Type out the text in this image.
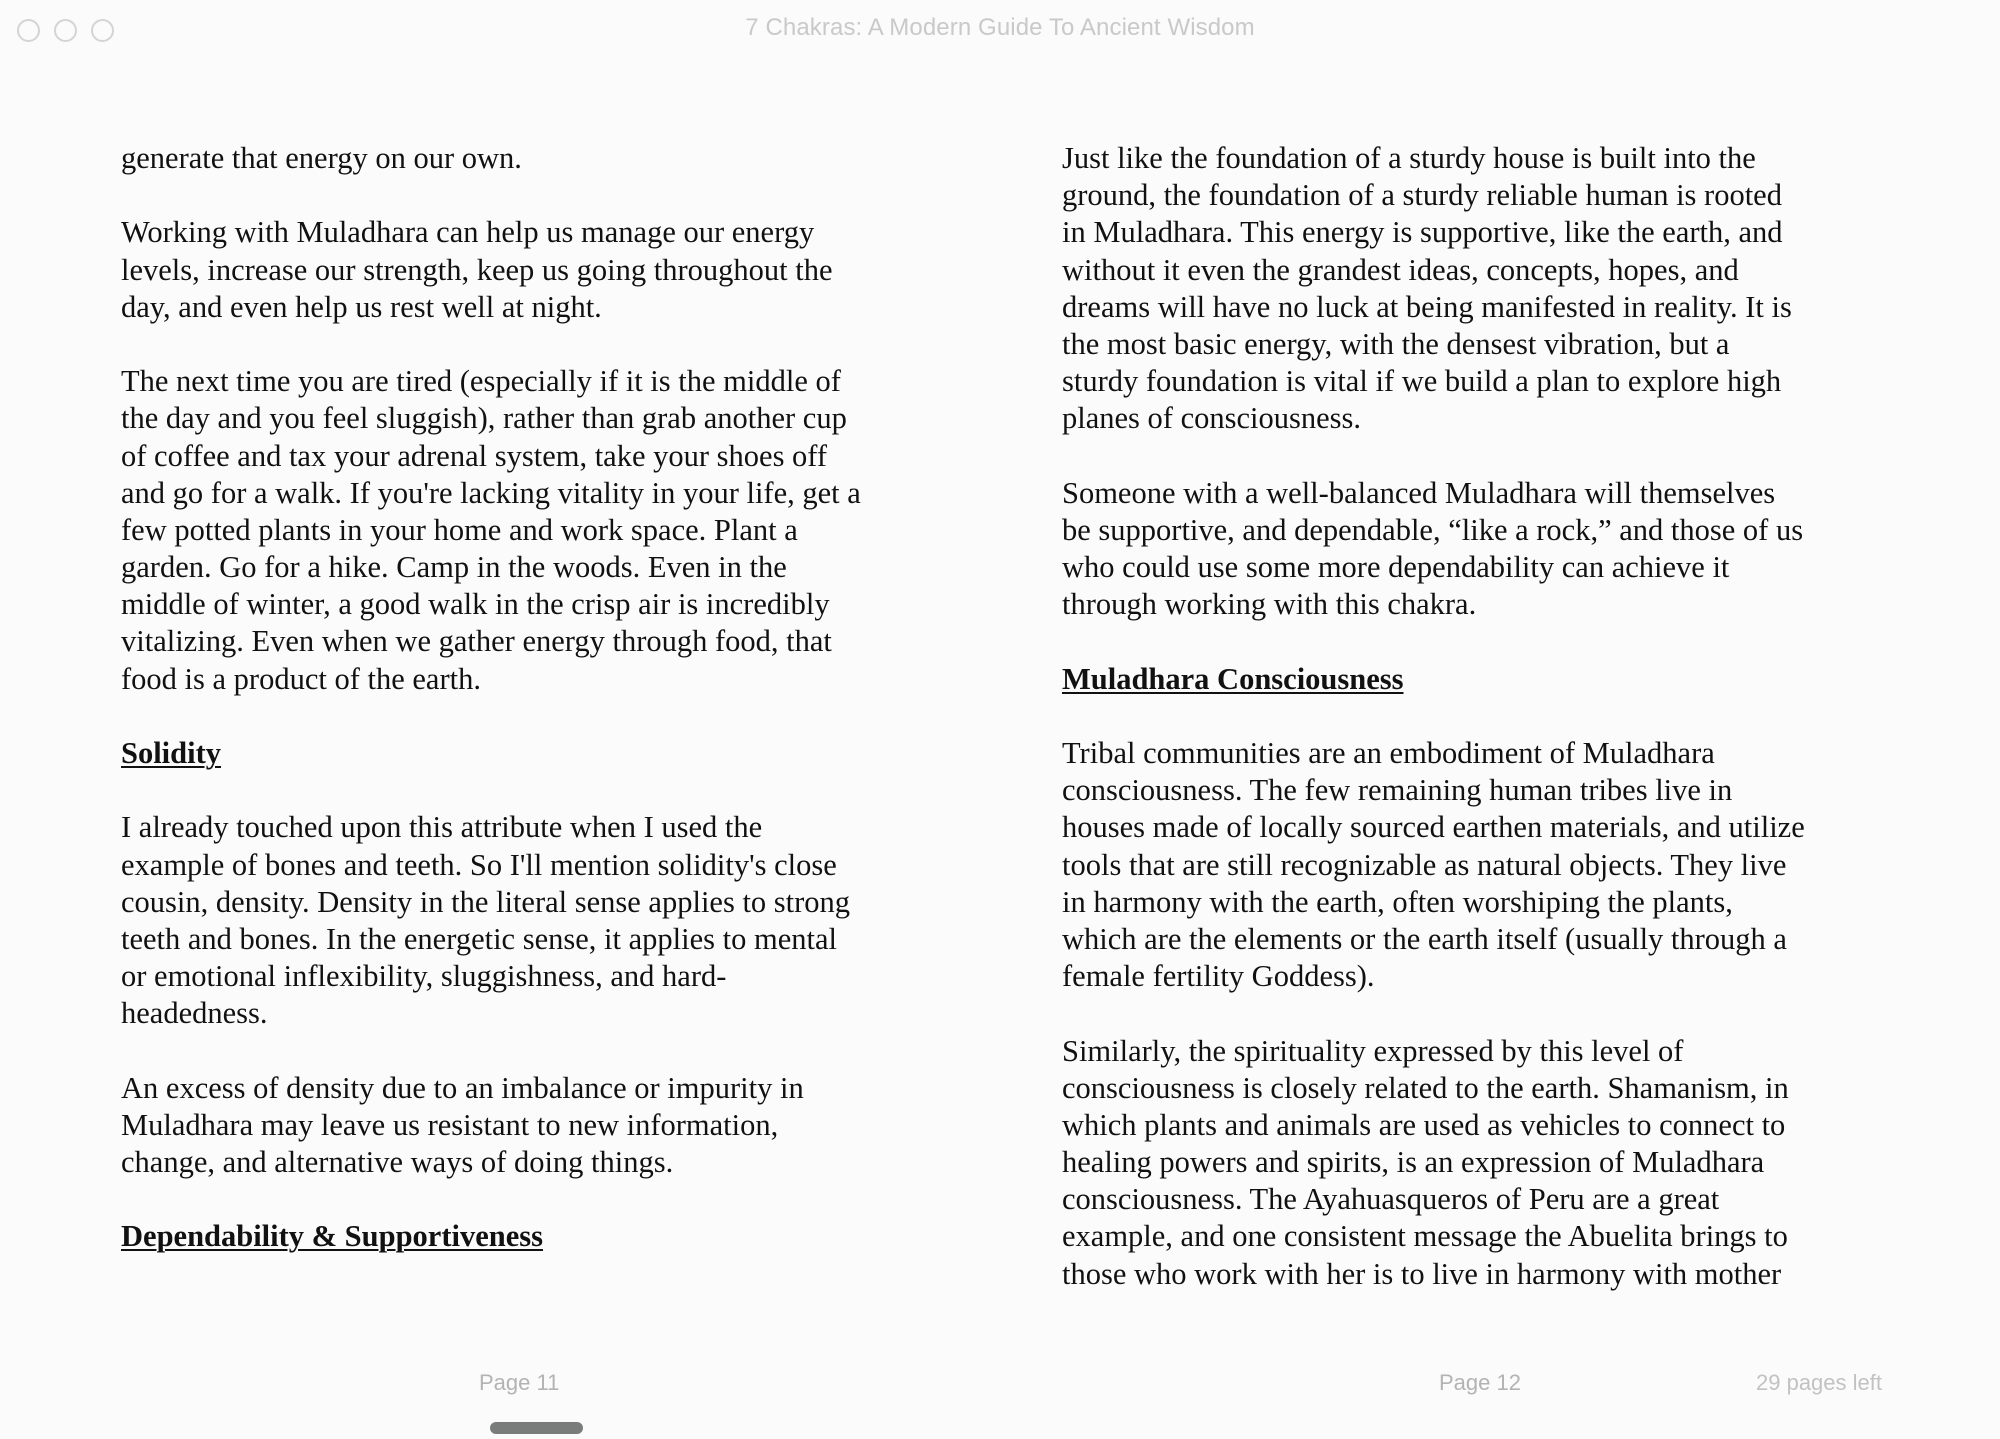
7 Chakras: A Modern Guide To Ancient Wisdom
generate that energy on our own.
Working with Muladhara can help us manage our energy
levels, increase our strength, keep us going throughout the
day, and even help us rest well at night.
The next time you are tired (especially if it is the middle of
the day and you feel sluggish), rather than grab another cup
of coffee and tax your adrenal system, take your shoes off
and go for a walk. If you're lacking vitality in your life, get a
few potted plants in your home and work space. Plant a
garden. Go for a hike. Camp in the woods. Even in the
middle of winter, a good walk in the crisp air is incredibly
vitalizing. Even when we gather energy through food, that
food is a product of the earth.
Solidity
I already touched upon this attribute when I used the
example of bones and teeth. So I'll mention solidity's close
cousin, density. Density in the literal sense applies to strong
teeth and bones. In the energetic sense, it applies to mental
or emotional inflexibility, sluggishness, and hard-
headedness.
An excess of density due to an imbalance or impurity in
Muladhara may leave us resistant to new information,
change, and alternative ways of doing things.
Dependability & Supportiveness
Just like the foundation of a sturdy house is built into the
ground, the foundation of a sturdy reliable human is rooted
in Muladhara. This energy is supportive, like the earth, and
without it even the grandest ideas, concepts, hopes, and
dreams will have no luck at being manifested in reality. It is
the most basic energy, with the densest vibration, but a
sturdy foundation is vital if we build a plan to explore high
planes of consciousness.
Someone with a well-balanced Muladhara will themselves
be supportive, and dependable, “like a rock,” and those of us
who could use some more dependability can achieve it
through working with this chakra.
Muladhara Consciousness
Tribal communities are an embodiment of Muladhara
consciousness. The few remaining human tribes live in
houses made of locally sourced earthen materials, and utilize
tools that are still recognizable as natural objects. They live
in harmony with the earth, often worshiping the plants,
which are the elements or the earth itself (usually through a
female fertility Goddess).
Similarly, the spirituality expressed by this level of
consciousness is closely related to the earth. Shamanism, in
which plants and animals are used as vehicles to connect to
healing powers and spirits, is an expression of Muladhara
consciousness. The Ayahuasqueros of Peru are a great
example, and one consistent message the Abuelita brings to
those who work with her is to live in harmony with mother
Page 11	Page 12	29 pages left
